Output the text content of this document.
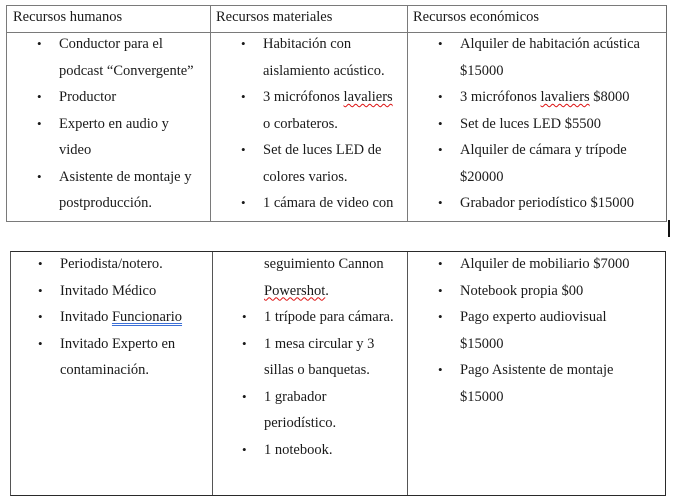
Recursos humanos	Recursos materiales	Recursos económicos
• Conductor para el
podcast “Convergente”
• Productor
• Experto en audio y
video
• Asistente de montaje y
postproducción.
• Habitación con
aislamiento acústico.
• 3 micrófonos lavaliers
o corbateros.
• Set de luces LED de
colores varios.
• 1 cámara de video con
• Alquiler de habitación acústica
$15000
• 3 micrófonos lavaliers $8000
• Set de luces LED $5500
• Alquiler de cámara y trípode
$20000
• Grabador periodístico $15000
• Periodista/notero.
• Invitado Médico
• Invitado Funcionario
• Invitado Experto en
contaminación.
seguimiento Cannon
Powershot.
• 1 trípode para cámara.
• 1 mesa circular y 3
sillas o banquetas.
• 1 grabador
periodístico.
• 1 notebook.
• Alquiler de mobiliario $7000
• Notebook propia $00
• Pago experto audiovisual
$15000
• Pago Asistente de montaje
$15000
